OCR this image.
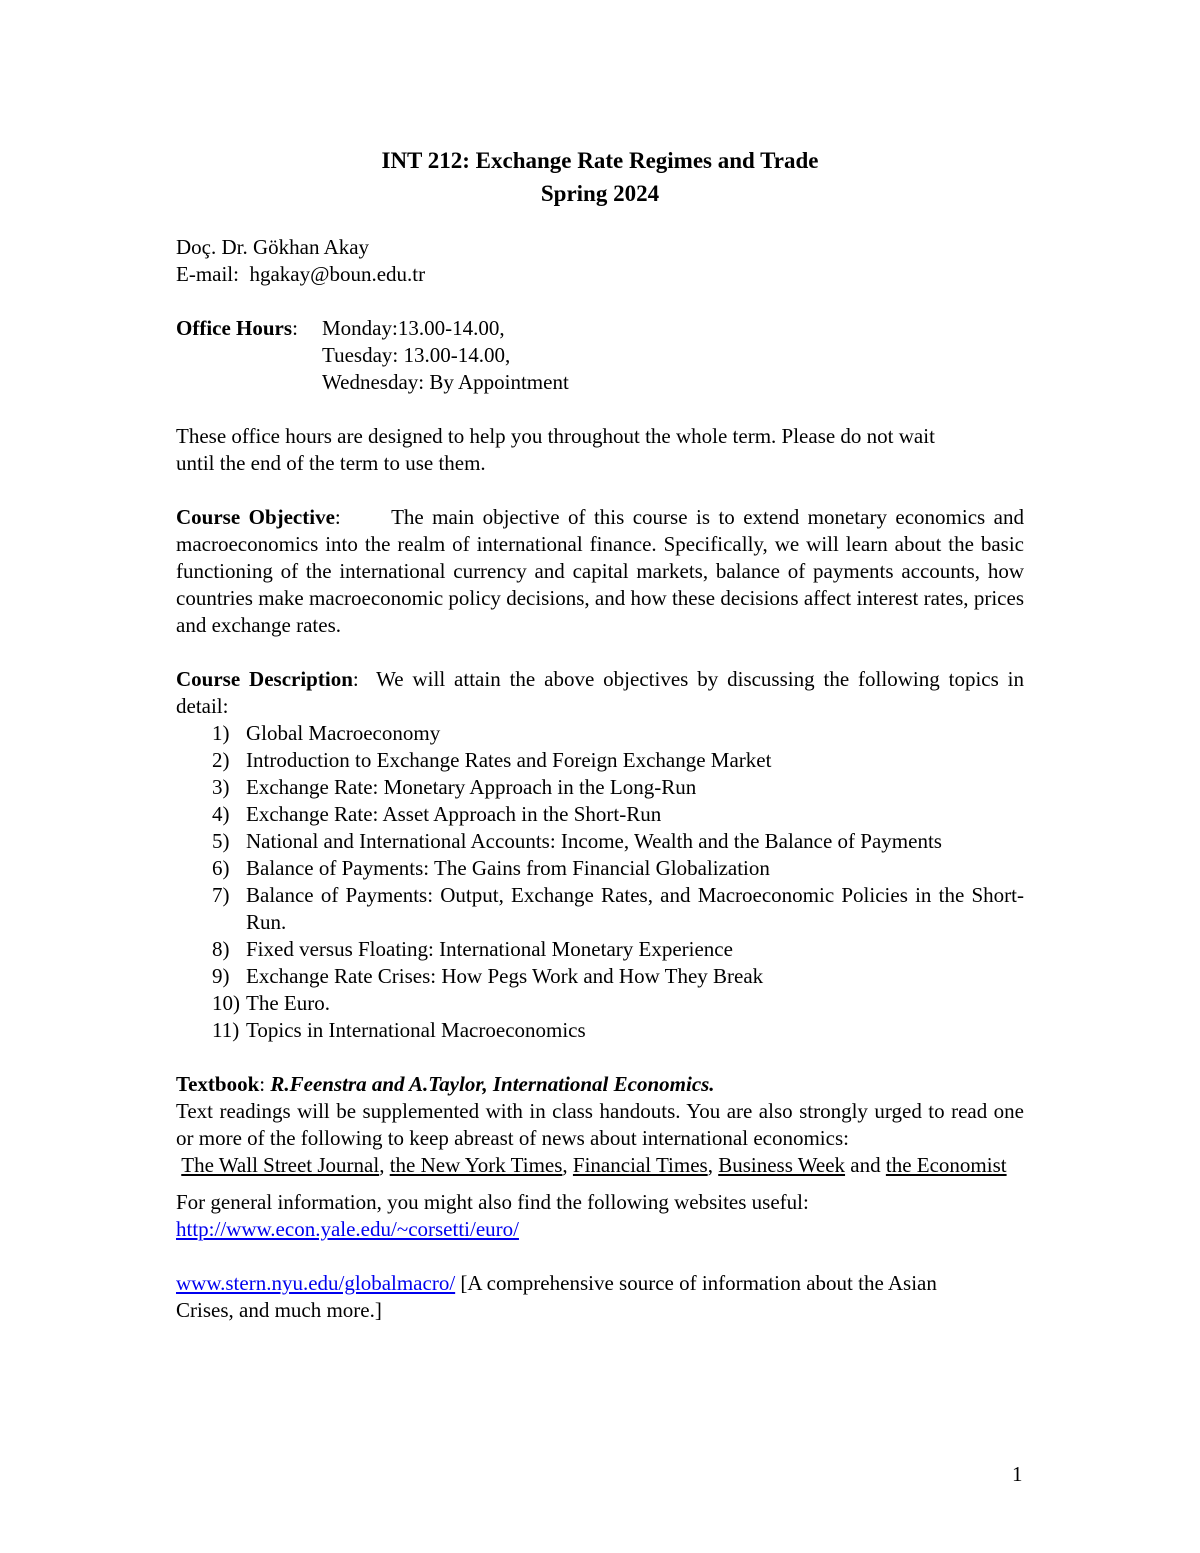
INT 212: Exchange Rate Regimes and Trade
Spring 2024
Doç. Dr. Gökhan Akay
E-mail: hgakay@boun.edu.tr
Office Hours:	Monday:13.00-14.00,
Tuesday: 13.00-14.00,
Wednesday: By Appointment
These office hours are designed to help you throughout the whole term. Please do not wait until the end of the term to use them.
Course Objective: The main objective of this course is to extend monetary economics and macroeconomics into the realm of international finance. Specifically, we will learn about the basic functioning of the international currency and capital markets, balance of payments accounts, how countries make macroeconomic policy decisions, and how these decisions affect interest rates, prices and exchange rates.
Course Description: We will attain the above objectives by discussing the following topics in detail:
1) Global Macroeconomy
2) Introduction to Exchange Rates and Foreign Exchange Market
3) Exchange Rate: Monetary Approach in the Long-Run
4) Exchange Rate: Asset Approach in the Short-Run
5) National and International Accounts: Income, Wealth and the Balance of Payments
6) Balance of Payments: The Gains from Financial Globalization
7) Balance of Payments: Output, Exchange Rates, and Macroeconomic Policies in the Short-Run.
8) Fixed versus Floating: International Monetary Experience
9) Exchange Rate Crises: How Pegs Work and How They Break
10) The Euro.
11) Topics in International Macroeconomics
Textbook: R.Feenstra and A.Taylor, International Economics.
Text readings will be supplemented with in class handouts. You are also strongly urged to read one or more of the following to keep abreast of news about international economics:
The Wall Street Journal, the New York Times, Financial Times, Business Week and the Economist
For general information, you might also find the following websites useful:
http://www.econ.yale.edu/~corsetti/euro/
www.stern.nyu.edu/globalmacro/ [A comprehensive source of information about the Asian Crises, and much more.]
1
